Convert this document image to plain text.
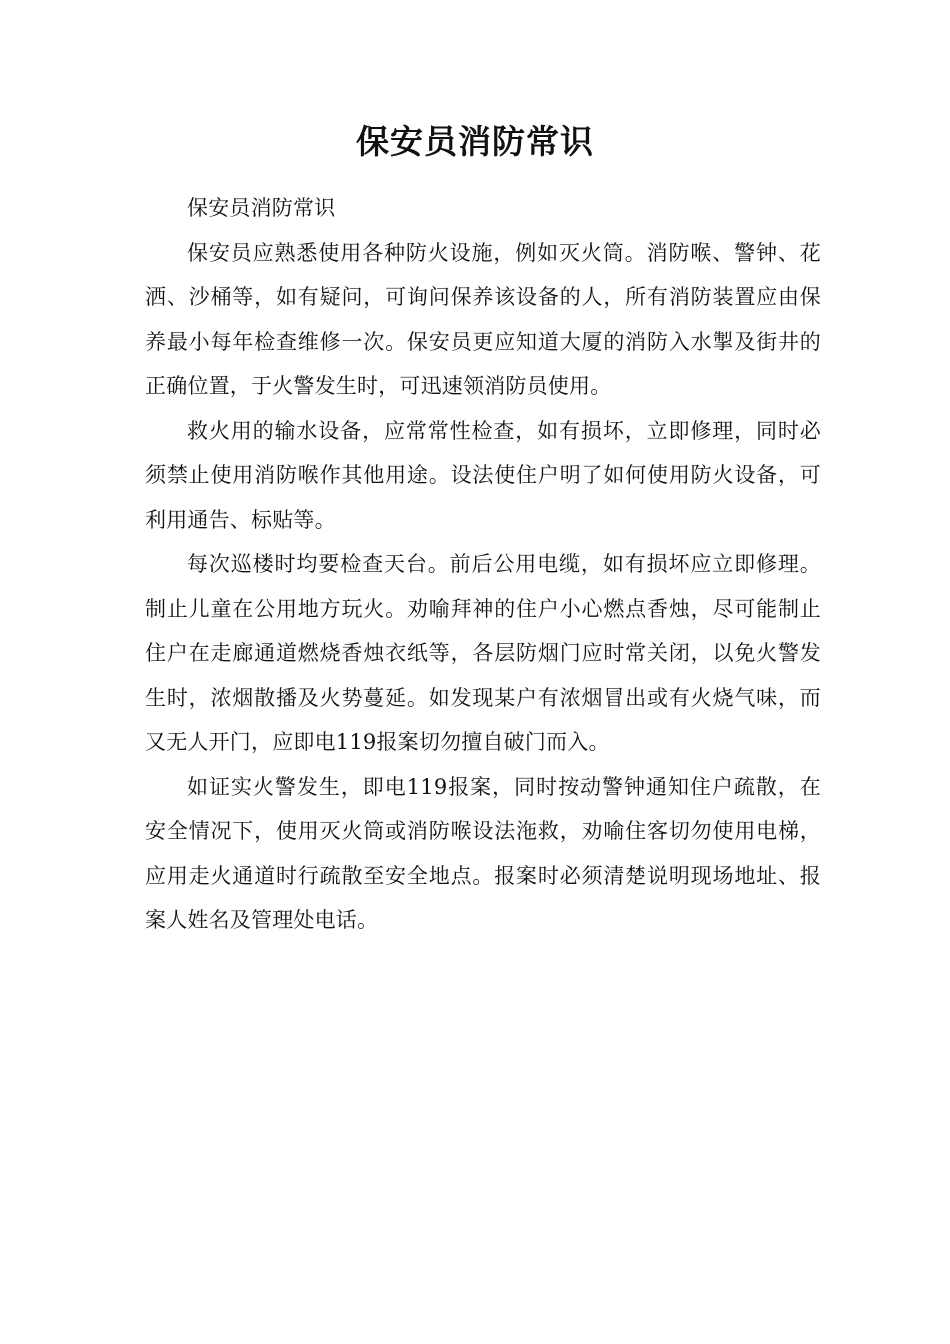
保安员消防常识

保安员消防常识

保安员应熟悉使用各种防火设施，例如灭火筒。消防喉、警钟、花洒、沙桶等，如有疑问，可询问保养该设备的人，所有消防装置应由保养最小每年检查维修一次。保安员更应知道大厦的消防入水掣及街井的正确位置，于火警发生时，可迅速领消防员使用。

救火用的输水设备，应常常性检查，如有损坏，立即修理，同时必须禁止使用消防喉作其他用途。设法使住户明了如何使用防火设备，可利用通告、标贴等。

每次巡楼时均要检查天台。前后公用电缆，如有损坏应立即修理。制止儿童在公用地方玩火。劝喻拜神的住户小心燃点香烛，尽可能制止住户在走廊通道燃烧香烛衣纸等，各层防烟门应时常关闭，以免火警发生时，浓烟散播及火势蔓延。如发现某户有浓烟冒出或有火烧气味，而又无人开门，应即电119报案切勿擅自破门而入。

如证实火警发生，即电119报案，同时按动警钟通知住户疏散，在安全情况下，使用灭火筒或消防喉设法沲救，劝喻住客切勿使用电梯，应用走火通道时行疏散至安全地点。报案时必须清楚说明现场地址、报案人姓名及管理处电话。
